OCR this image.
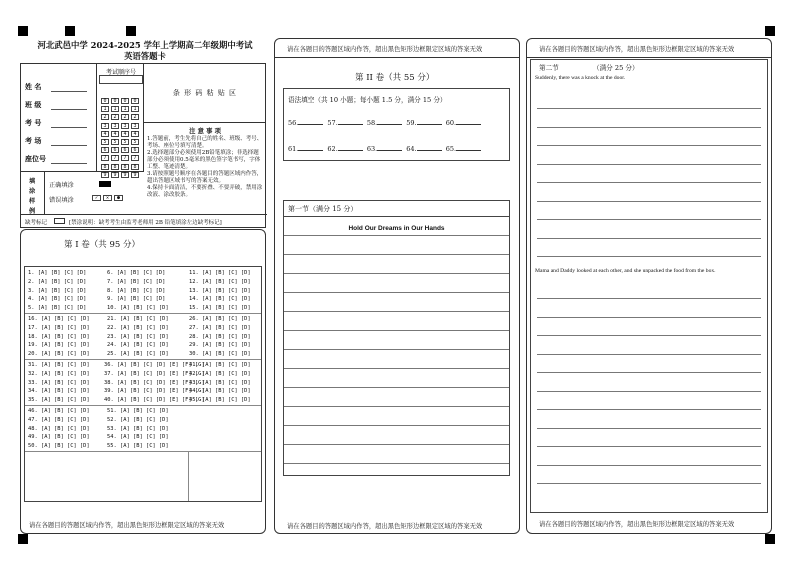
河北武邑中学 2024-2025 学年上学期高二年级期中考试
英语答题卡
姓 名
班 级
考 号
考 场
座位号
考试顺序号
0 0 0 0
1 1 1 1
2 2 2 2
3 3 3 3
4 4 4 4
5 5 5 5
6 6 6 6
7 7 7 7
8 8 8 8
9 9 9 9
条 形 码 粘 贴 区
注 意 事 项
1.答题前，考生先将自己的姓名、班级、考号、考场、座位号填写清楚。
2.选择题部分必须使用2B铅笔填涂；非选择题部分必须使用0.5毫米的黑色签字笔书写，字体工整、笔迹清楚。
3.请按照题号顺序在各题目的答题区域内作答，超出答题区域书写的答案无效。
4.保持卡面清洁，不要折叠、不要弄破，禁用涂改液、涂改胶条。
填 涂 样 例
正确填涂
错误填涂	✓ ✕ ●
缺考标记	[禁涂说明：缺考考生由监考老师用 2B 铅笔填涂左边缺考标记]
第 I 卷（共 95 分）
1. [A] [B] [C] [D]
2. [A] [B] [C] [D]
3. [A] [B] [C] [D]
4. [A] [B] [C] [D]
5. [A] [B] [C] [D]
6. [A] [B] [C] [D]
7. [A] [B] [C] [D]
8. [A] [B] [C] [D]
9. [A] [B] [C] [D]
10. [A] [B] [C] [D]
11. [A] [B] [C] [D]
12. [A] [B] [C] [D]
13. [A] [B] [C] [D]
14. [A] [B] [C] [D]
15. [A] [B] [C] [D]
16. [A] [B] [C] [D]
17. [A] [B] [C] [D]
18. [A] [B] [C] [D]
19. [A] [B] [C] [D]
20. [A] [B] [C] [D]
21. [A] [B] [C] [D]
22. [A] [B] [C] [D]
23. [A] [B] [C] [D]
24. [A] [B] [C] [D]
25. [A] [B] [C] [D]
26. [A] [B] [C] [D]
27. [A] [B] [C] [D]
28. [A] [B] [C] [D]
29. [A] [B] [C] [D]
30. [A] [B] [C] [D]
31. [A] [B] [C] [D]
32. [A] [B] [C] [D]
33. [A] [B] [C] [D]
34. [A] [B] [C] [D]
35. [A] [B] [C] [D]
36. [A] [B] [C] [D] [E] [F] [G]
37. [A] [B] [C] [D] [E] [F] [G]
38. [A] [B] [C] [D] [E] [F] [G]
39. [A] [B] [C] [D] [E] [F] [G]
40. [A] [B] [C] [D] [E] [F] [G]
41. [A] [B] [C] [D]
42. [A] [B] [C] [D]
43. [A] [B] [C] [D]
44. [A] [B] [C] [D]
45. [A] [B] [C] [D]
46. [A] [B] [C] [D]
47. [A] [B] [C] [D]
48. [A] [B] [C] [D]
49. [A] [B] [C] [D]
50. [A] [B] [C] [D]
51. [A] [B] [C] [D]
52. [A] [B] [C] [D]
53. [A] [B] [C] [D]
54. [A] [B] [C] [D]
55. [A] [B] [C] [D]
请在各题目的答题区域内作答，超出黑色矩形边框限定区域的答案无效
请在各题目的答题区域内作答，超出黑色矩形边框限定区域的答案无效
第 II 卷（共 55 分）
语法填空（共 10 小题；每小题 1.5 分，满分 15 分）
56.	57.	58.	59.	60.
61.	62.	63.	64.	65.
第一节（满分 15 分）
Hold Our Dreams in Our Hands
请在各题目的答题区域内作答，超出黑色矩形边框限定区域的答案无效
请在各题目的答题区域内作答，超出黑色矩形边框限定区域的答案无效
第二节	（满分 25 分）
Suddenly, there was a knock at the door.
Mama and Daddy looked at each other, and she unpacked the food from the box.
请在各题目的答题区域内作答，超出黑色矩形边框限定区域的答案无效
